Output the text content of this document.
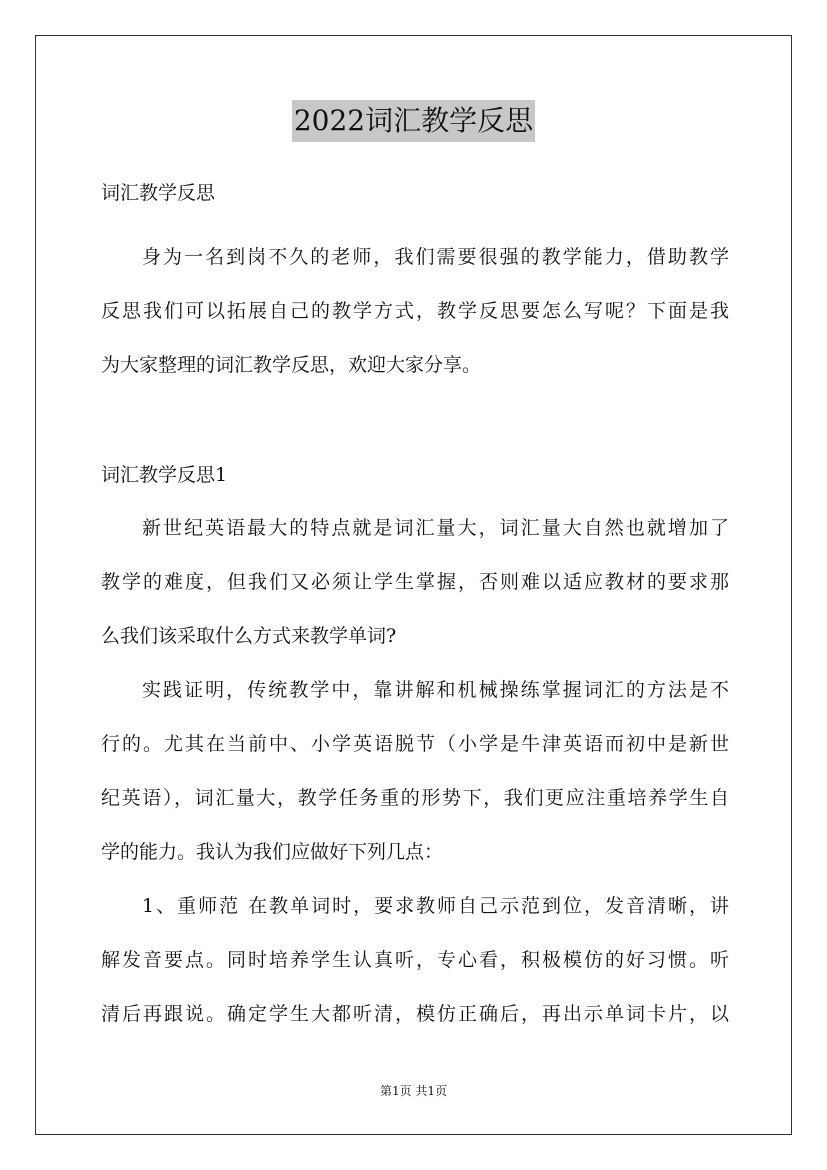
2022词汇教学反思
词汇教学反思
身为一名到岗不久的老师，我们需要很强的教学能力，借助教学
反思我们可以拓展自己的教学方式，教学反思要怎么写呢？下面是我
为大家整理的词汇教学反思，欢迎大家分享。
词汇教学反思1
新世纪英语最大的特点就是词汇量大，词汇量大自然也就增加了
教学的难度，但我们又必须让学生掌握，否则难以适应教材的要求那
么我们该采取什么方式来教学单词?
实践证明，传统教学中，靠讲解和机械操练掌握词汇的方法是不
行的。尤其在当前中、小学英语脱节（小学是牛津英语而初中是新世
纪英语），词汇量大，教学任务重的形势下，我们更应注重培养学生自
学的能力。我认为我们应做好下列几点：
1、重师范 在教单词时，要求教师自己示范到位，发音清晰，讲
解发音要点。同时培养学生认真听，专心看，积极模仿的好习惯。听
清后再跟说。确定学生大都听清，模仿正确后，再出示单词卡片，以
第1页 共1页
